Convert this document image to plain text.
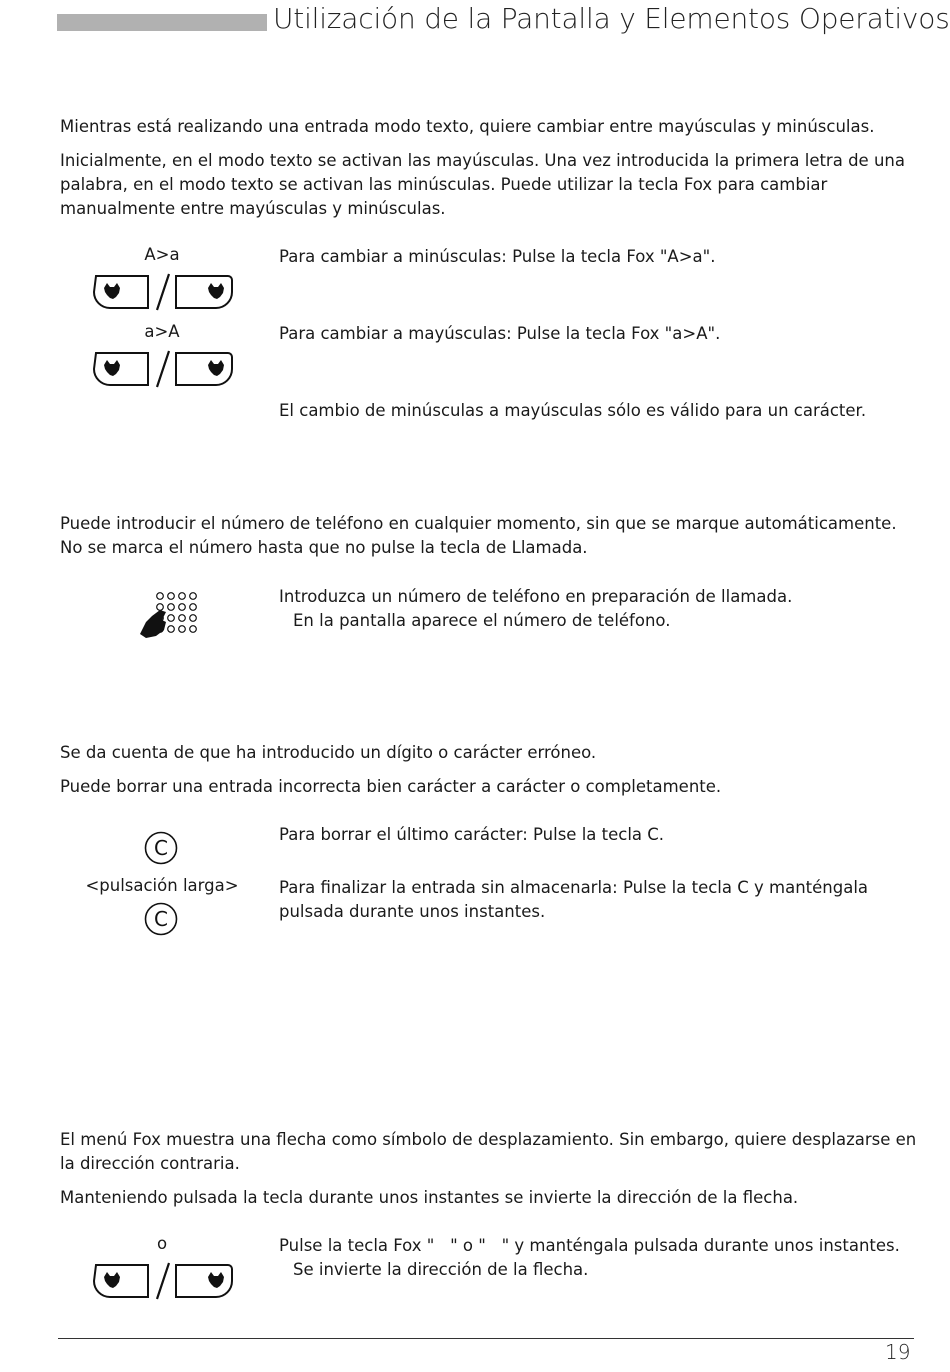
Utilización de la Pantalla y Elementos Operativos

Mientras está realizando una entrada modo texto, quiere cambiar entre mayúsculas y minúsculas.

Inicialmente, en el modo texto se activan las mayúsculas. Una vez introducida la primera letra de una palabra, en el modo texto se activan las minúsculas. Puede utilizar la tecla Fox para cambiar manualmente entre mayúsculas y minúsculas.

A>a	Para cambiar a minúsculas: Pulse la tecla Fox "A>a".
a>A	Para cambiar a mayúsculas: Pulse la tecla Fox "a>A".
El cambio de minúsculas a mayúsculas sólo es válido para un carácter.

Puede introducir el número de teléfono en cualquier momento, sin que se marque automáticamente. No se marca el número hasta que no pulse la tecla de Llamada.

Introduzca un número de teléfono en preparación de llamada.
En la pantalla aparece el número de teléfono.

Se da cuenta de que ha introducido un dígito o carácter erróneo.

Puede borrar una entrada incorrecta bien carácter a carácter o completamente.

C
Para borrar el último carácter: Pulse la tecla C.
<pulsación larga>
C
Para finalizar la entrada sin almacenarla: Pulse la tecla C y manténgala pulsada durante unos instantes.

El menú Fox muestra una flecha como símbolo de desplazamiento. Sin embargo, quiere desplazarse en la dirección contraria.

Manteniendo pulsada la tecla durante unos instantes se invierte la dirección de la flecha.

o	Pulse la tecla Fox "   " o "   " y manténgala pulsada durante unos instantes.
Se invierte la dirección de la flecha.
19
